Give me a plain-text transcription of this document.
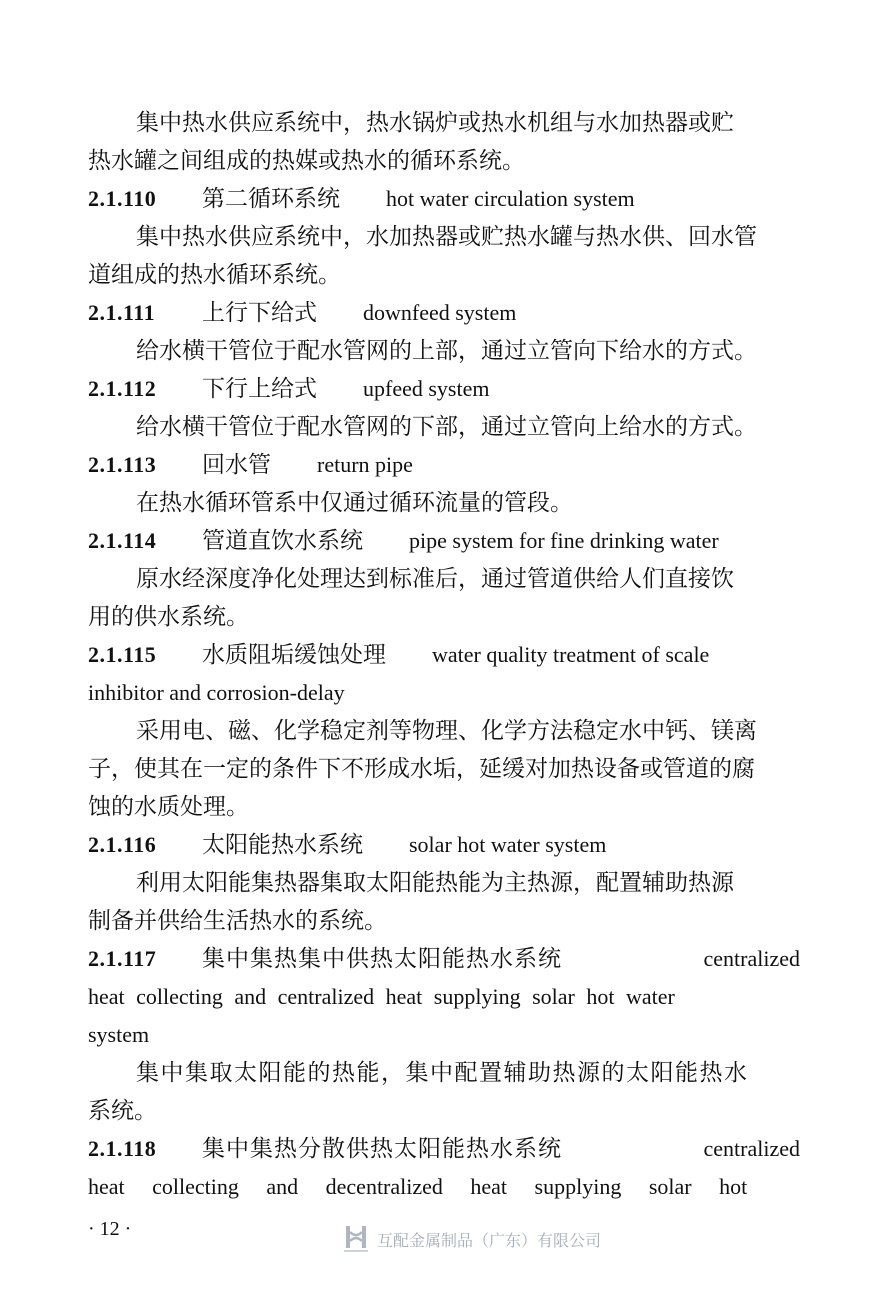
集中热水供应系统中，热水锅炉或热水机组与水加热器或贮
热水罐之间组成的热媒或热水的循环系统。
2.1.110	第二循环系统 hot water circulation system
集中热水供应系统中，水加热器或贮热水罐与热水供、回水管
道组成的热水循环系统。
2.1.111	上行下给式 downfeed system
给水横干管位于配水管网的上部，通过立管向下给水的方式。
2.1.112	下行上给式 upfeed system
给水横干管位于配水管网的下部，通过立管向上给水的方式。
2.1.113	回水管 return pipe
在热水循环管系中仅通过循环流量的管段。
2.1.114	管道直饮水系统 pipe system for fine drinking water
原水经深度净化处理达到标准后，通过管道供给人们直接饮
用的供水系统。
2.1.115	水质阻垢缓蚀处理 water quality treatment of scale
inhibitor and corrosion-delay
采用电、磁、化学稳定剂等物理、化学方法稳定水中钙、镁离
子，使其在一定的条件下不形成水垢，延缓对加热设备或管道的腐
蚀的水质处理。
2.1.116	太阳能热水系统 solar hot water system
利用太阳能集热器集取太阳能热能为主热源，配置辅助热源
制备并供给生活热水的系统。
2.1.117	集中集热集中供热太阳能热水系统	centralized
heat collecting and centralized heat supplying solar hot water
system
集中集取太阳能的热能，集中配置辅助热源的太阳能热水
系统。
2.1.118	集中集热分散供热太阳能热水系统	centralized
heat collecting and decentralized heat supplying solar hot
· 12 ·	互配金属制品（广东）有限公司
